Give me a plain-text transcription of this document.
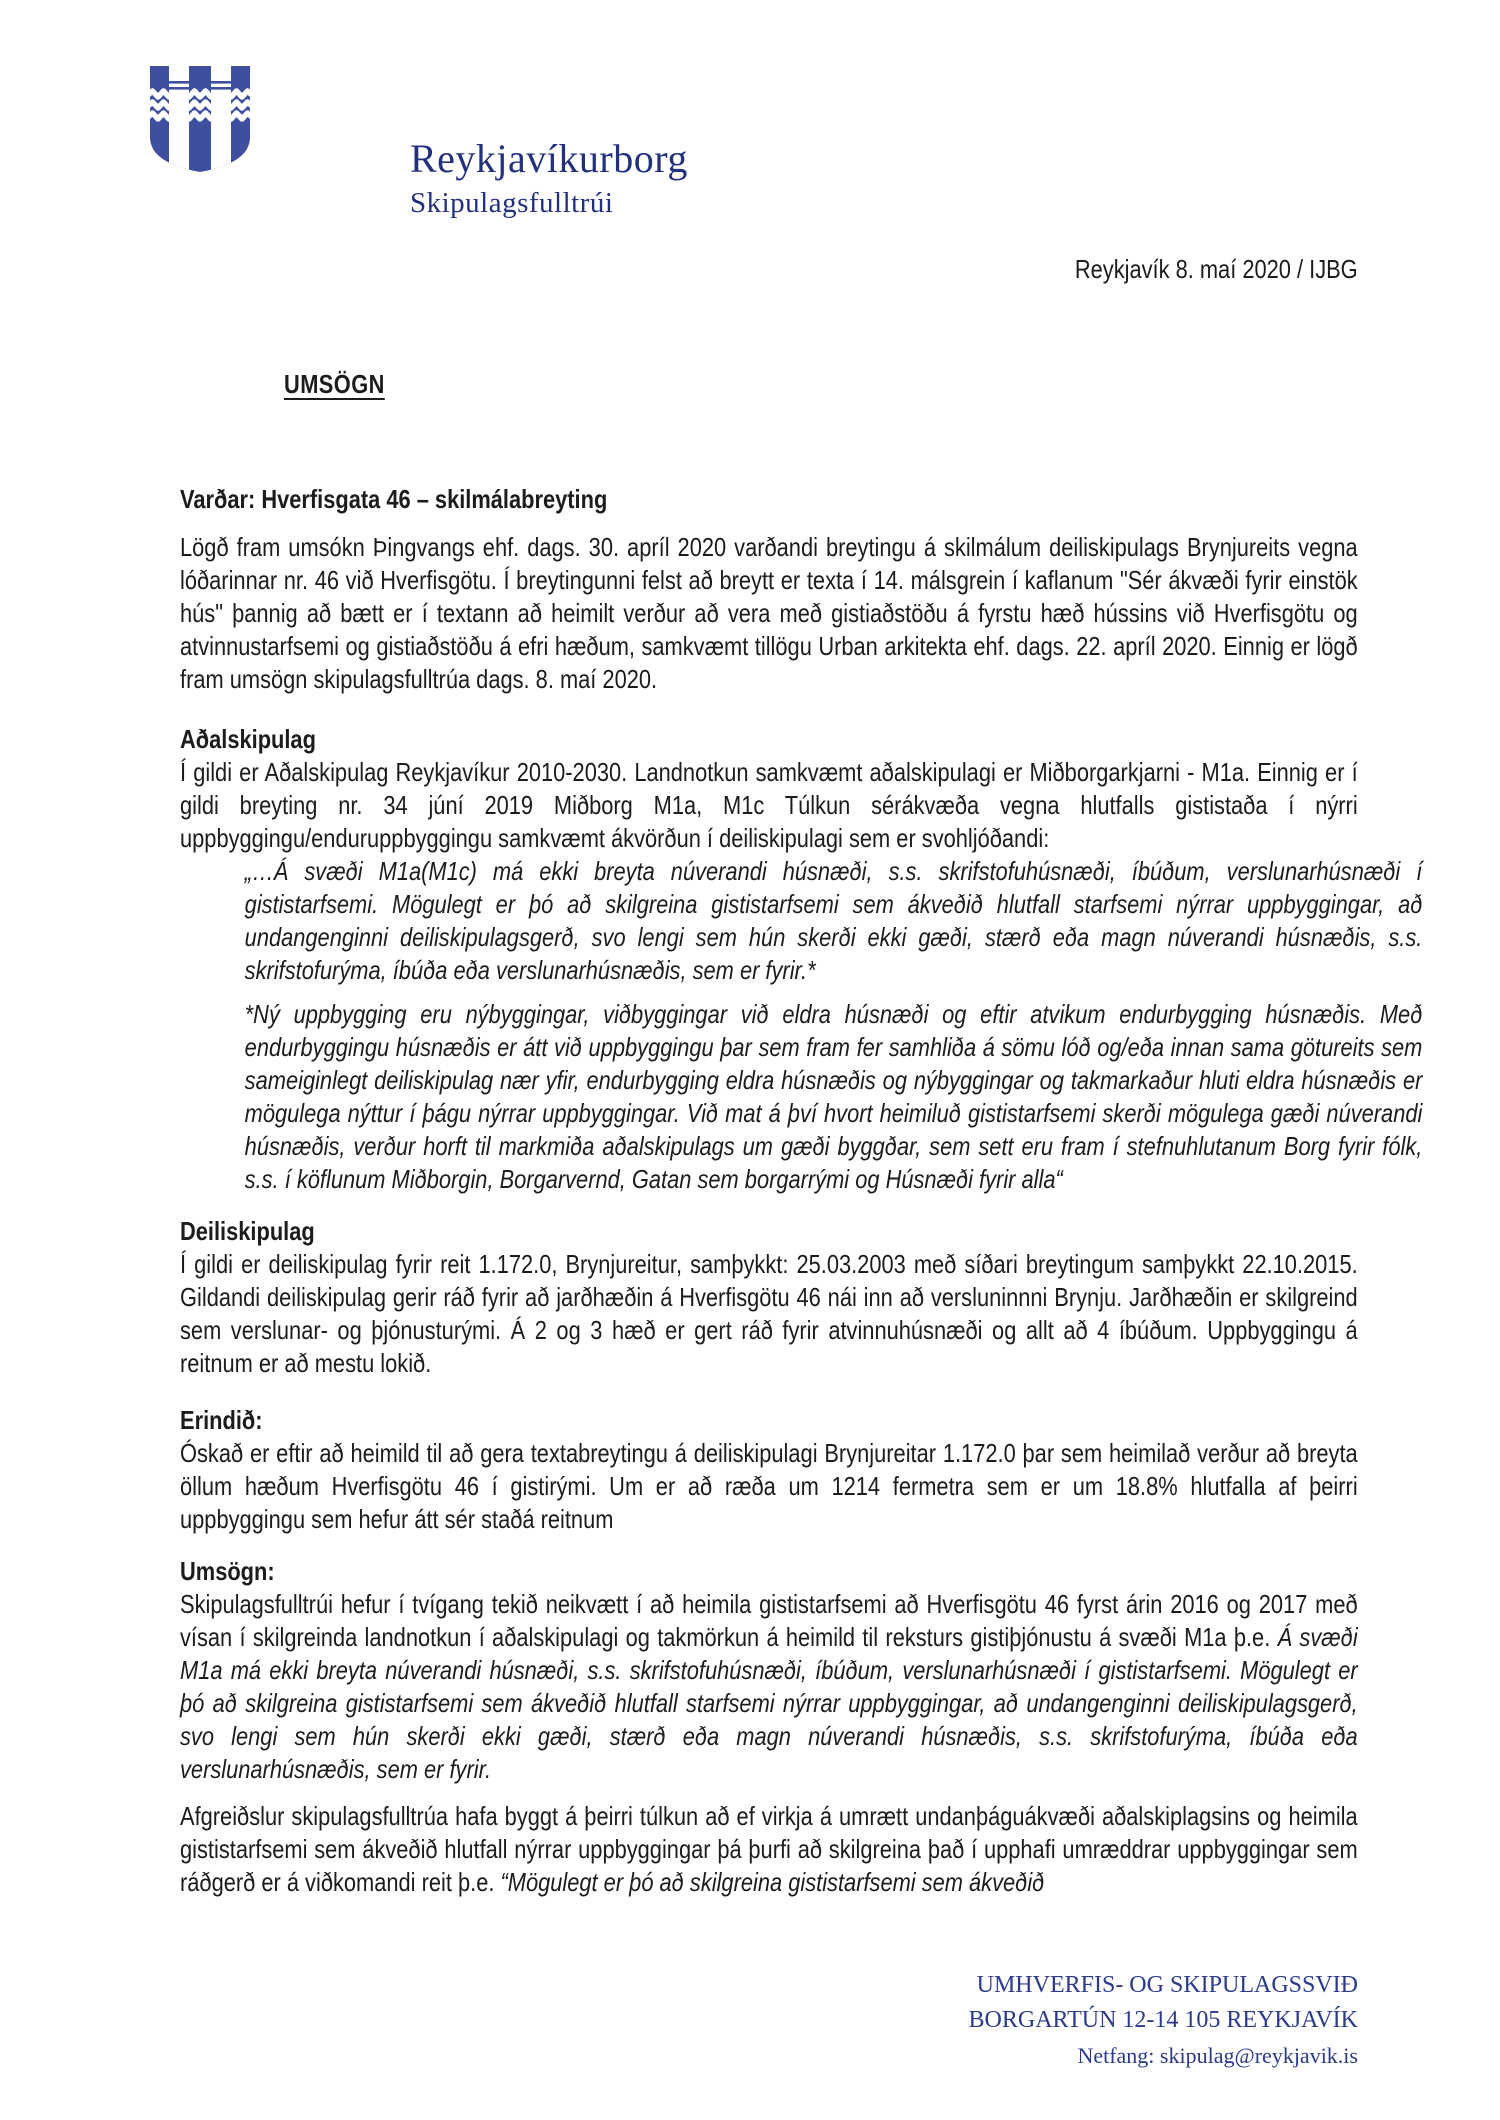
Reykjavíkurborg
Skipulagsfulltrúi
Reykjavík 8. maí 2020 / IJBG
UMSÖGN
Varðar: Hverfisgata 46 – skilmálabreyting

Lögð fram umsókn Þingvangs ehf. dags. 30. apríl 2020 varðandi breytingu á skilmálum deiliskipulags Brynjureits vegna lóðarinnar nr. 46 við Hverfisgötu. Í breytingunni felst að breytt er texta í 14. málsgrein í kaflanum "Sér ákvæði fyrir einstök hús" þannig að bætt er í textann að heimilt verður að vera með gistiaðstöðu á fyrstu hæð hússins við Hverfisgötu og atvinnustarfsemi og gistiaðstöðu á efri hæðum, samkvæmt tillögu Urban arkitekta ehf. dags. 22. apríl 2020. Einnig er lögð fram umsögn skipulagsfulltrúa dags. 8. maí 2020.

Aðalskipulag

Í gildi er Aðalskipulag Reykjavíkur 2010-2030. Landnotkun samkvæmt aðalskipulagi er Miðborgarkjarni - M1a. Einnig er í gildi breyting nr. 34 júní 2019 Miðborg M1a, M1c Túlkun sérákvæða vegna hlutfalls gististaða í nýrri uppbyggingu/enduruppbyggingu samkvæmt ákvörðun í deiliskipulagi sem er svohljóðandi:

„…Á svæði M1a(M1c) má ekki breyta núverandi húsnæði, s.s. skrifstofuhúsnæði, íbúðum, verslunarhúsnæði í gististarfsemi. Mögulegt er þó að skilgreina gististarfsemi sem ákveðið hlutfall starfsemi nýrrar uppbyggingar, að undangenginni deiliskipulagsgerð, svo lengi sem hún skerði ekki gæði, stærð eða magn núverandi húsnæðis, s.s. skrifstofurýma, íbúða eða verslunarhúsnæðis, sem er fyrir.*

*Ný uppbygging eru nýbyggingar, viðbyggingar við eldra húsnæði og eftir atvikum endurbygging húsnæðis. Með endurbyggingu húsnæðis er átt við uppbyggingu þar sem fram fer samhliða á sömu lóð og/eða innan sama götureits sem sameiginlegt deiliskipulag nær yfir, endurbygging eldra húsnæðis og nýbyggingar og takmarkaður hluti eldra húsnæðis er mögulega nýttur í þágu nýrrar uppbyggingar. Við mat á því hvort heimiluð gististarfsemi skerði mögulega gæði núverandi húsnæðis, verður horft til markmiða aðalskipulags um gæði byggðar, sem sett eru fram í stefnuhlutanum Borg fyrir fólk, s.s. í köflunum Miðborgin, Borgarvernd, Gatan sem borgarrými og Húsnæði fyrir alla“

Deiliskipulag

Í gildi er deiliskipulag fyrir reit 1.172.0, Brynjureitur, samþykkt: 25.03.2003 með síðari breytingum samþykkt 22.10.2015. Gildandi deiliskipulag gerir ráð fyrir að jarðhæðin á Hverfisgötu 46 nái inn að versluninnni Brynju. Jarðhæðin er skilgreind sem verslunar- og þjónusturými. Á 2 og 3 hæð er gert ráð fyrir atvinnuhúsnæði og allt að 4 íbúðum. Uppbyggingu á reitnum er að mestu lokið.

Erindið:

Óskað er eftir að heimild til að gera textabreytingu á deiliskipulagi Brynjureitar 1.172.0 þar sem heimilað verður að breyta öllum hæðum Hverfisgötu 46 í gistirými. Um er að ræða um 1214 fermetra sem er um 18.8% hlutfalla af þeirri uppbyggingu sem hefur átt sér staðá reitnum

Umsögn:

Skipulagsfulltrúi hefur í tvígang tekið neikvætt í að heimila gististarfsemi að Hverfisgötu 46 fyrst árin 2016 og 2017 með vísan í skilgreinda landnotkun í aðalskipulagi og takmörkun á heimild til reksturs gistiþjónustu á svæði M1a þ.e. Á svæði M1a má ekki breyta núverandi húsnæði, s.s. skrifstofuhúsnæði, íbúðum, verslunarhúsnæði í gististarfsemi. Mögulegt er þó að skilgreina gististarfsemi sem ákveðið hlutfall starfsemi nýrrar uppbyggingar, að undangenginni deiliskipulagsgerð, svo lengi sem hún skerði ekki gæði, stærð eða magn núverandi húsnæðis, s.s. skrifstofurýma, íbúða eða verslunarhúsnæðis, sem er fyrir.

Afgreiðslur skipulagsfulltrúa hafa byggt á þeirri túlkun að ef virkja á umrætt undanþáguákvæði aðalskiplagsins og heimila gististarfsemi sem ákveðið hlutfall nýrrar uppbyggingar þá þurfi að skilgreina það í upphafi umræddrar uppbyggingar sem ráðgerð er á viðkomandi reit þ.e. “Mögulegt er þó að skilgreina gististarfsemi sem ákveðið

UMHVERFIS- OG SKIPULAGSSVIÐ
BORGARTÚN 12-14 105 REYKJAVÍK
Netfang: skipulag@reykjavik.is
